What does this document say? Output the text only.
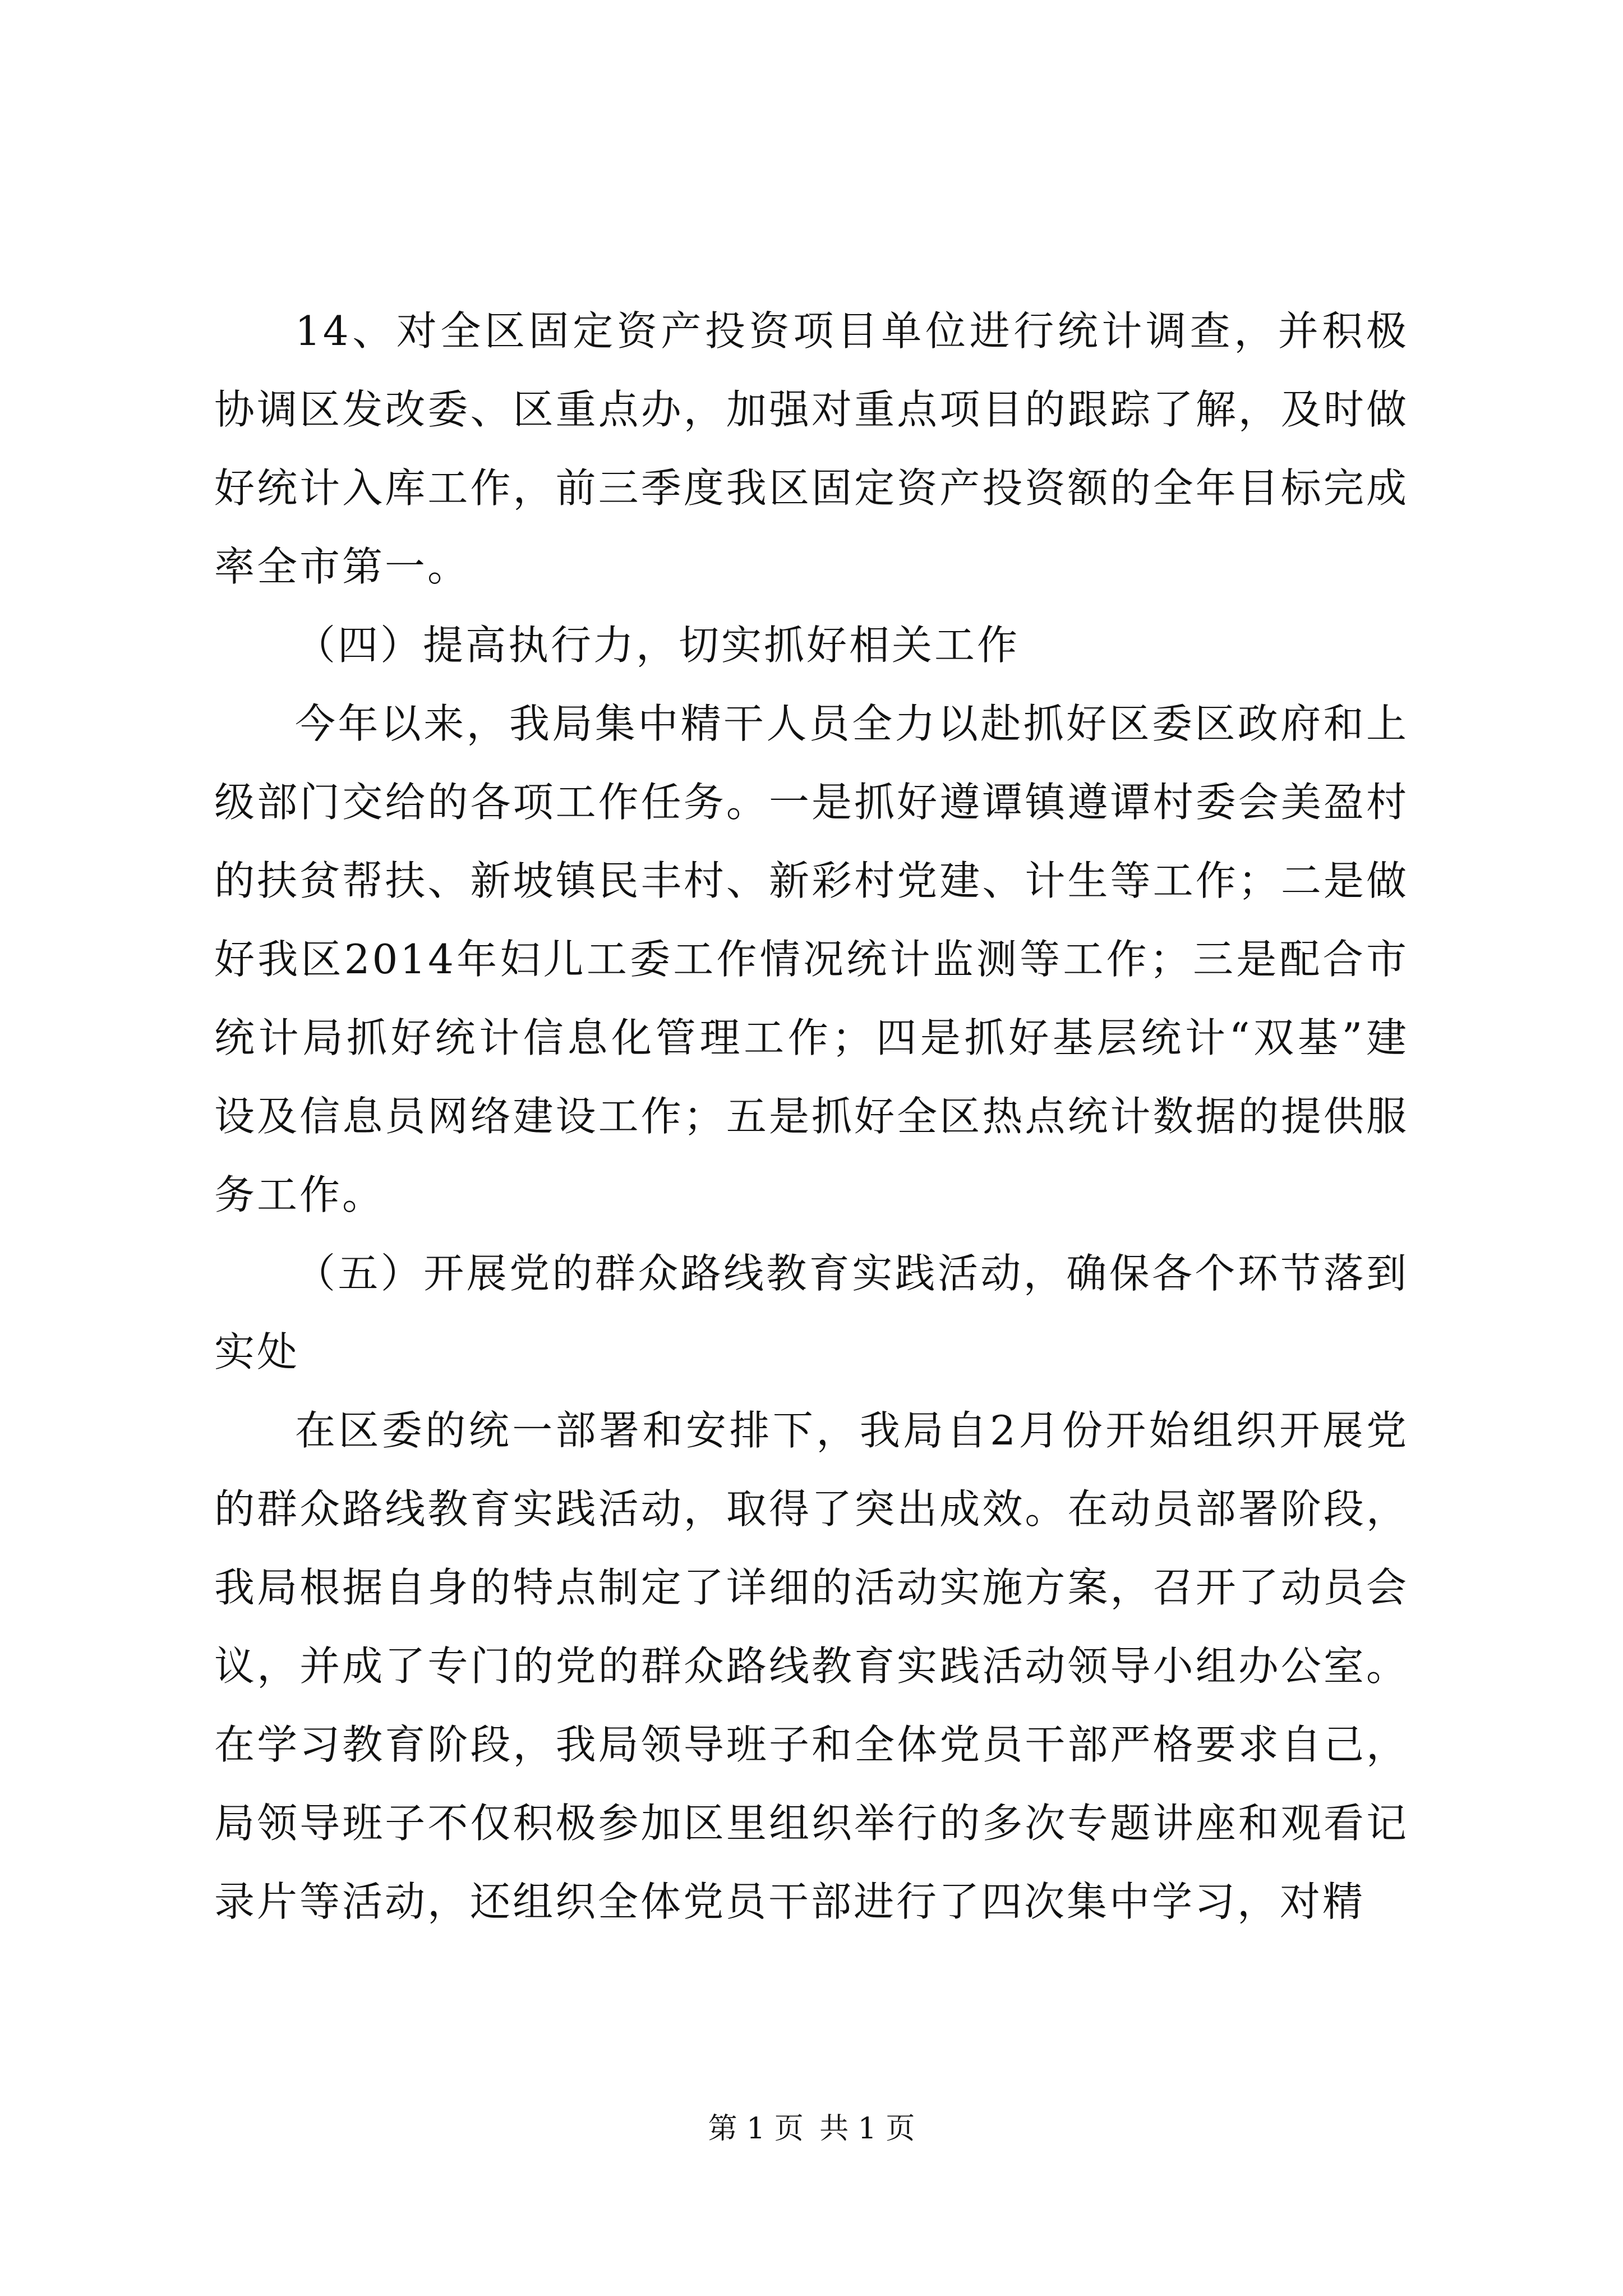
14、对全区固定资产投资项目单位进行统计调查，并积极协调区发改委、区重点办，加强对重点项目的跟踪了解，及时做好统计入库工作，前三季度我区固定资产投资额的全年目标完成率全市第一。

（四）提高执行力，切实抓好相关工作

今年以来，我局集中精干人员全力以赴抓好区委区政府和上级部门交给的各项工作任务。一是抓好遵谭镇遵谭村委会美盈村的扶贫帮扶、新坡镇民丰村、新彩村党建、计生等工作；二是做好我区2014年妇儿工委工作情况统计监测等工作；三是配合市统计局抓好统计信息化管理工作；四是抓好基层统计“双基”建设及信息员网络建设工作；五是抓好全区热点统计数据的提供服务工作。

（五）开展党的群众路线教育实践活动，确保各个环节落到实处

在区委的统一部署和安排下，我局自2月份开始组织开展党的群众路线教育实践活动，取得了突出成效。在动员部署阶段，我局根据自身的特点制定了详细的活动实施方案，召开了动员会议，并成了专门的党的群众路线教育实践活动领导小组办公室。在学习教育阶段，我局领导班子和全体党员干部严格要求自己，局领导班子不仅积极参加区里组织举行的多次专题讲座和观看记录片等活动，还组织全体党员干部进行了四次集中学习，对精

第 1 页 共 1 页
